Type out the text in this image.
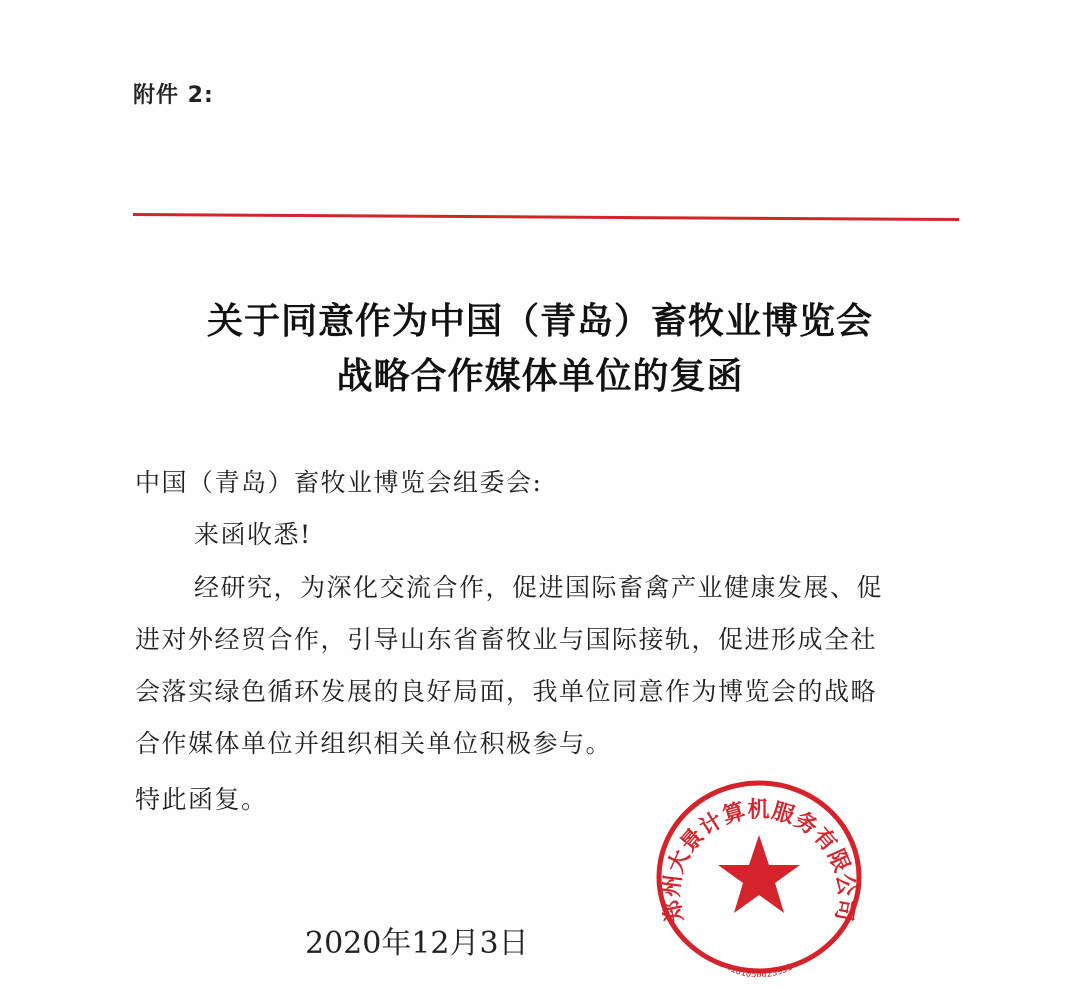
附件 2:
关于同意作为中国（青岛）畜牧业博览会
战略合作媒体单位的复函
中国（青岛）畜牧业博览会组委会:
来函收悉!
经研究，为深化交流合作，促进国际畜禽产业健康发展、促
进对外经贸合作，引导山东省畜牧业与国际接轨，促进形成全社
会落实绿色循环发展的良好局面，我单位同意作为博览会的战略
合作媒体单位并组织相关单位积极参与。
特此函复。
2020年12月3日
郑州大景计算机服务有限公司
4101050023931
